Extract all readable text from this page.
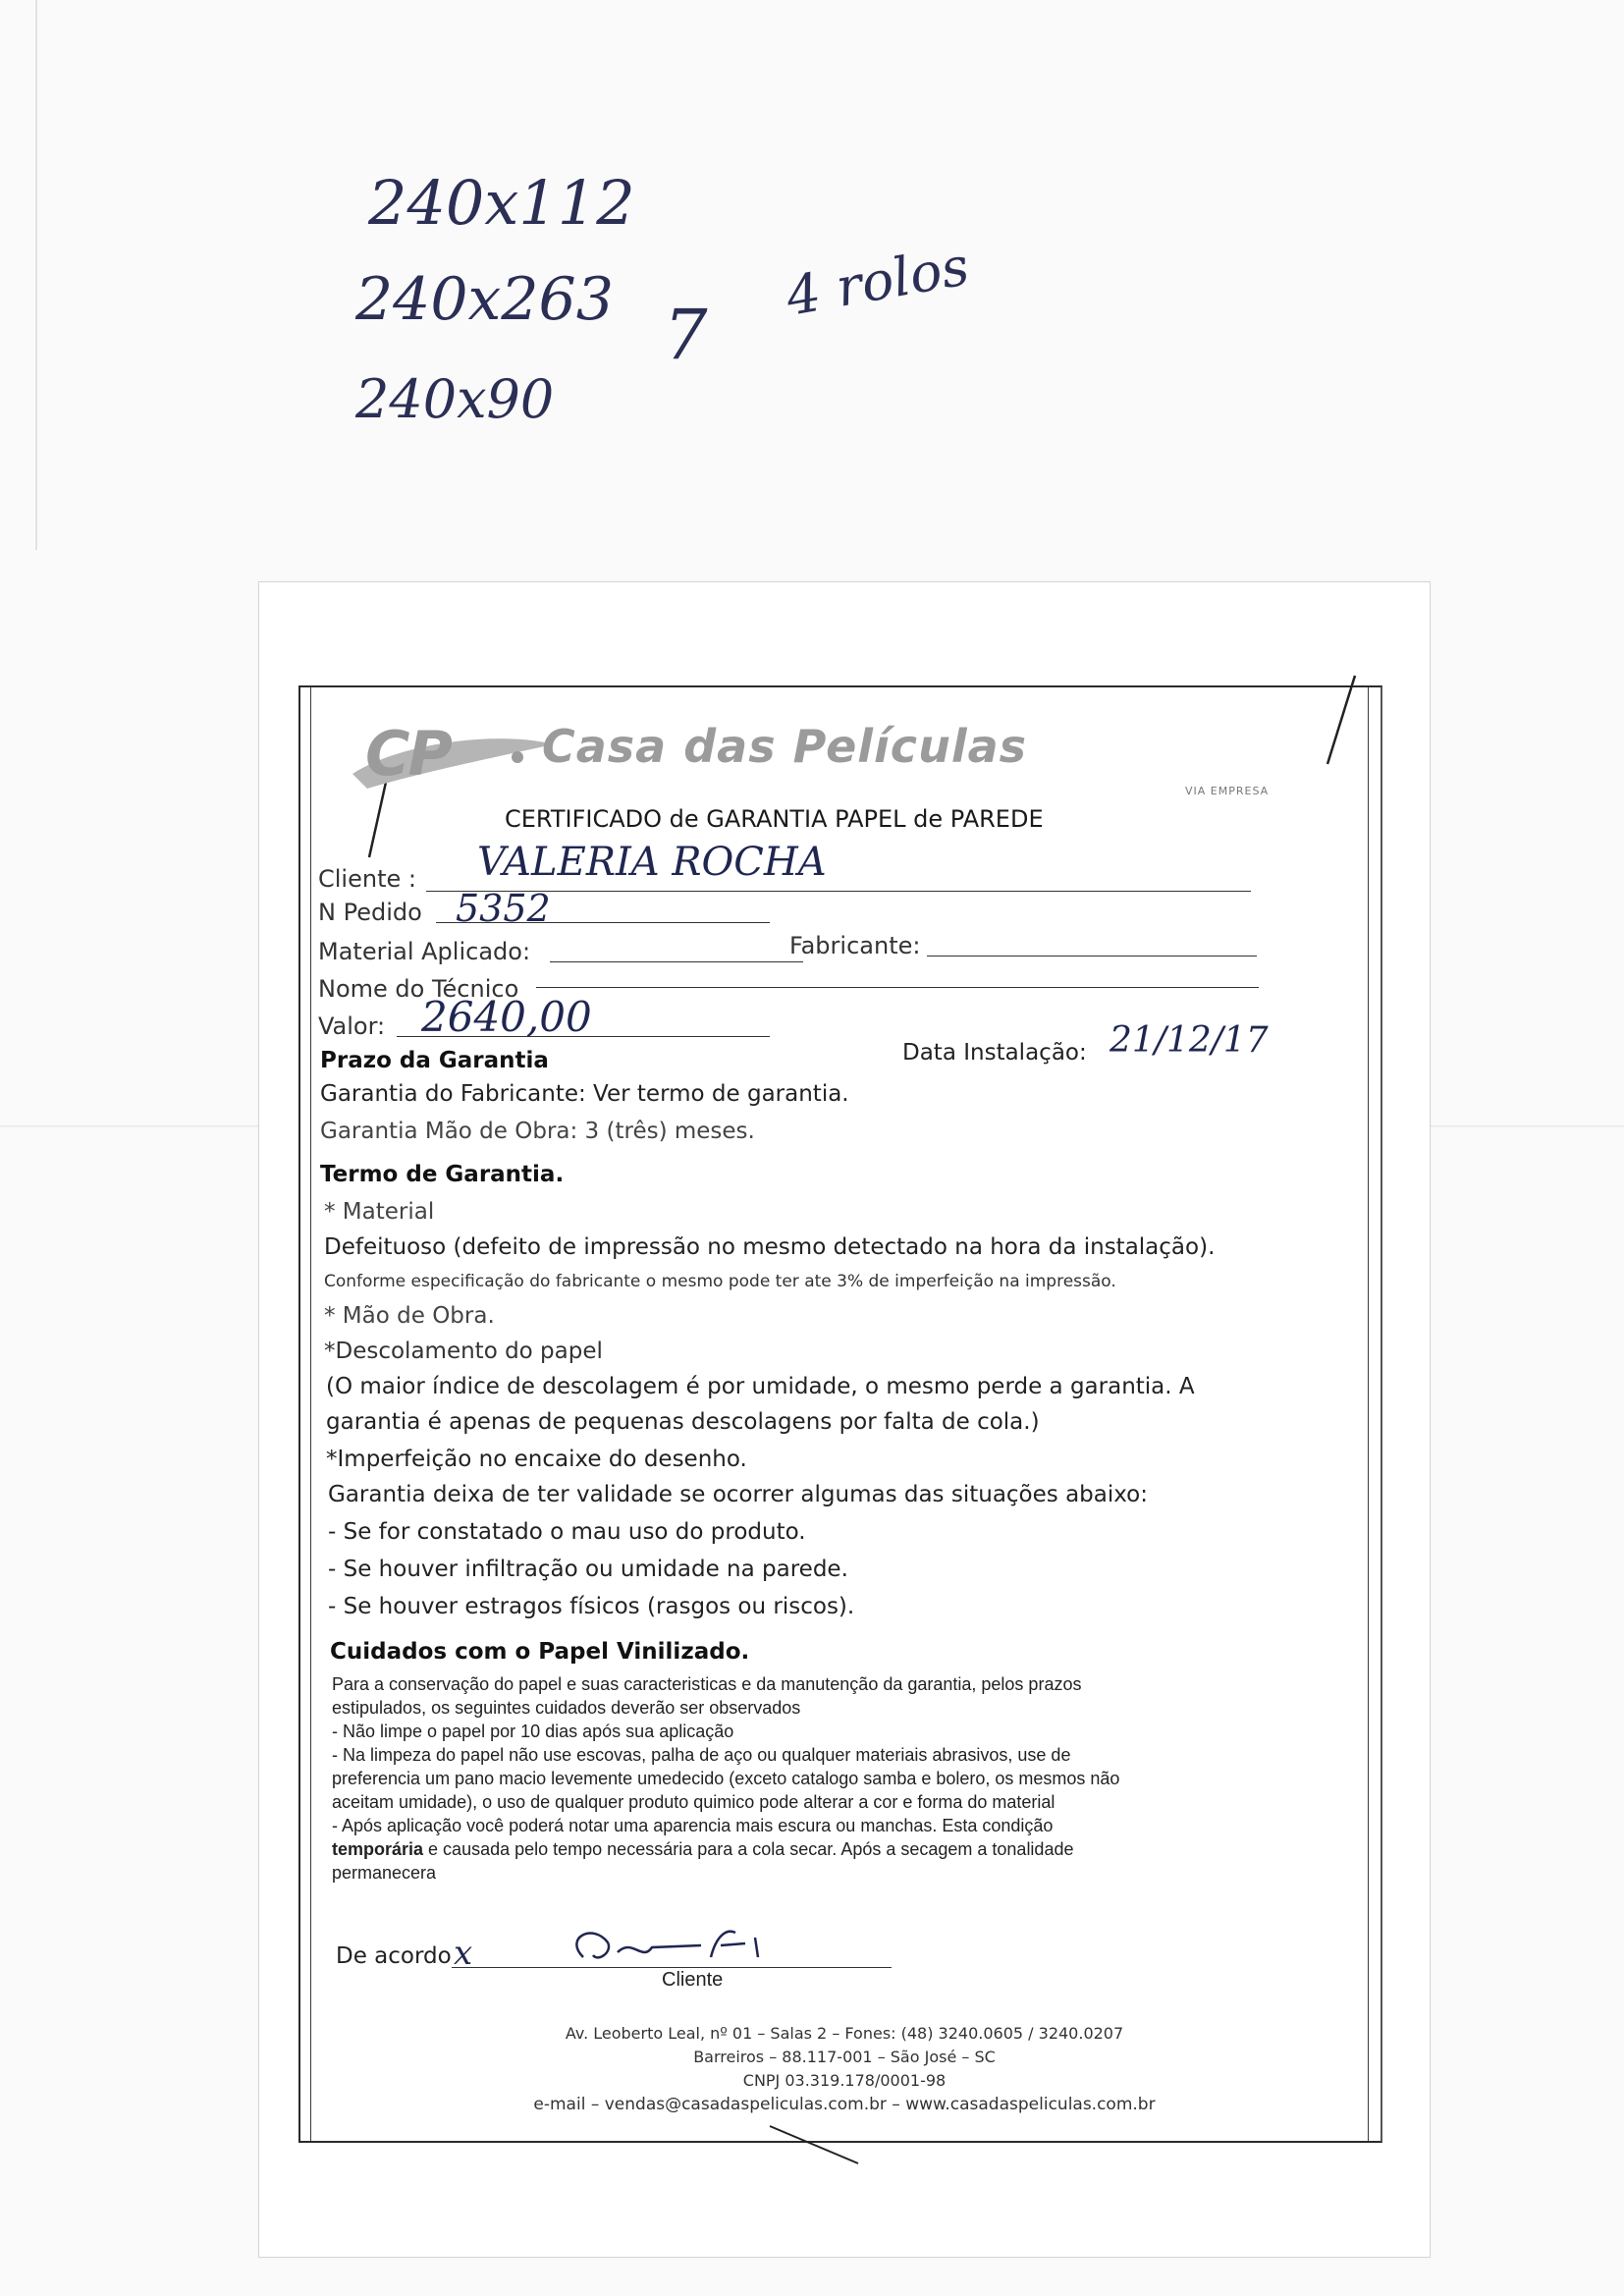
240x112
240x263 7
4 rolos
240x90
CP Casa das Películas
VIA EMPRESA
CERTIFICADO de GARANTIA PAPEL de PAREDE
Cliente : VALERIA ROCHA
N Pedido 5352
Material Aplicado:	Fabricante:
Nome do Técnico
Valor: 2640,00
Prazo da Garantia	Data Instalação: 21/12/17
Garantia do Fabricante: Ver termo de garantia.
Garantia Mão de Obra: 3 (três) meses.
Termo de Garantia.
* Material
Defeituoso (defeito de impressão no mesmo detectado na hora da instalação).
Conforme especificação do fabricante o mesmo pode ter ate 3% de imperfeição na impressão.
* Mão de Obra.
*Descolamento do papel
(O maior índice de descolagem é por umidade, o mesmo perde a garantia. A
garantia é apenas de pequenas descolagens por falta de cola.)
*Imperfeição no encaixe do desenho.
Garantia deixa de ter validade se ocorrer algumas das situações abaixo:
- Se for constatado o mau uso do produto.
- Se houver infiltração ou umidade na parede.
- Se houver estragos físicos (rasgos ou riscos).
Cuidados com o Papel Vinilizado.
Para a conservação do papel e suas caracteristicas e da manutenção da garantia, pelos prazos
estipulados, os seguintes cuidados deverão ser observados
- Não limpe o papel por 10 dias após sua aplicação
- Na limpeza do papel não use escovas, palha de aço ou qualquer materiais abrasivos, use de
preferencia um pano macio levemente umedecido (exceto catalogo samba e bolero, os mesmos não
aceitam umidade), o uso de qualquer produto quimico pode alterar a cor e forma do material
- Após aplicação você poderá notar uma aparencia mais escura ou manchas. Esta condição
temporária e causada pelo tempo necessária para a cola secar. Após a secagem a tonalidade
permanecera
De acordo x
Cliente
Av. Leoberto Leal, nº 01 – Salas 2 – Fones: (48) 3240.0605 / 3240.0207
Barreiros – 88.117-001 – São José – SC
CNPJ 03.319.178/0001-98
e-mail – vendas@casadaspeliculas.com.br – www.casadaspeliculas.com.br
